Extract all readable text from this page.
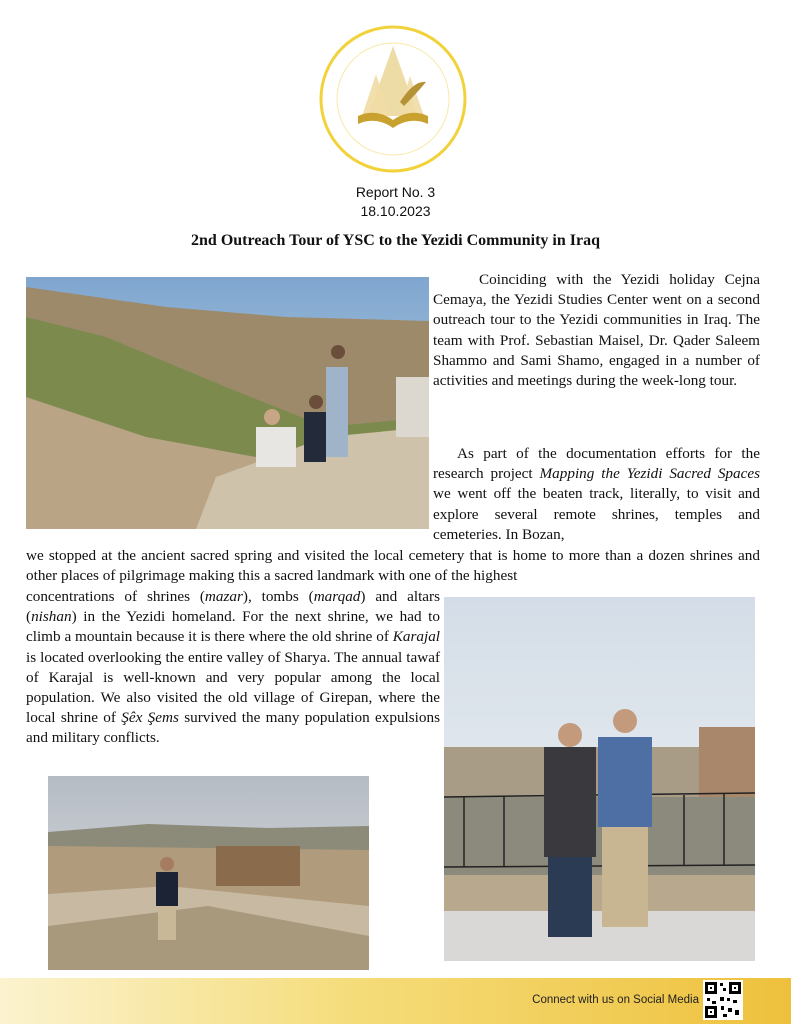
Report No. 3
18.10.2023
2nd Outreach Tour of YSC to the Yezidi Community in Iraq

Coinciding with the Yezidi holiday Cejna Cemaya, the Yezidi Studies Center went on a second outreach tour to the Yezidi communities in Iraq. The team with Prof. Sebastian Maisel, Dr. Qader Saleem Shammo and Sami Shamo, engaged in a number of activities and meetings during the week-long tour.

As part of the documentation efforts for the research project Mapping the Yezidi Sacred Spaces we went off the beaten track, literally, to visit and explore several remote shrines, temples and cemeteries. In Bozan,

we stopped at the ancient sacred spring and visited the local cemetery that is home to more than a dozen shrines and other places of pilgrimage making this a sacred landmark with one of the highest

concentrations of shrines (mazar), tombs (marqad) and altars (nishan) in the Yezidi homeland. For the next shrine, we had to climb a mountain because it is there where the old shrine of Karajal is located overlooking the entire valley of Sharya. The annual tawaf of Karajal is well-known and very popular among the local population. We also visited the old village of Girepan, where the local shrine of Şêx Şems survived the many population expulsions and military conflicts.

Connect with us on Social Media
